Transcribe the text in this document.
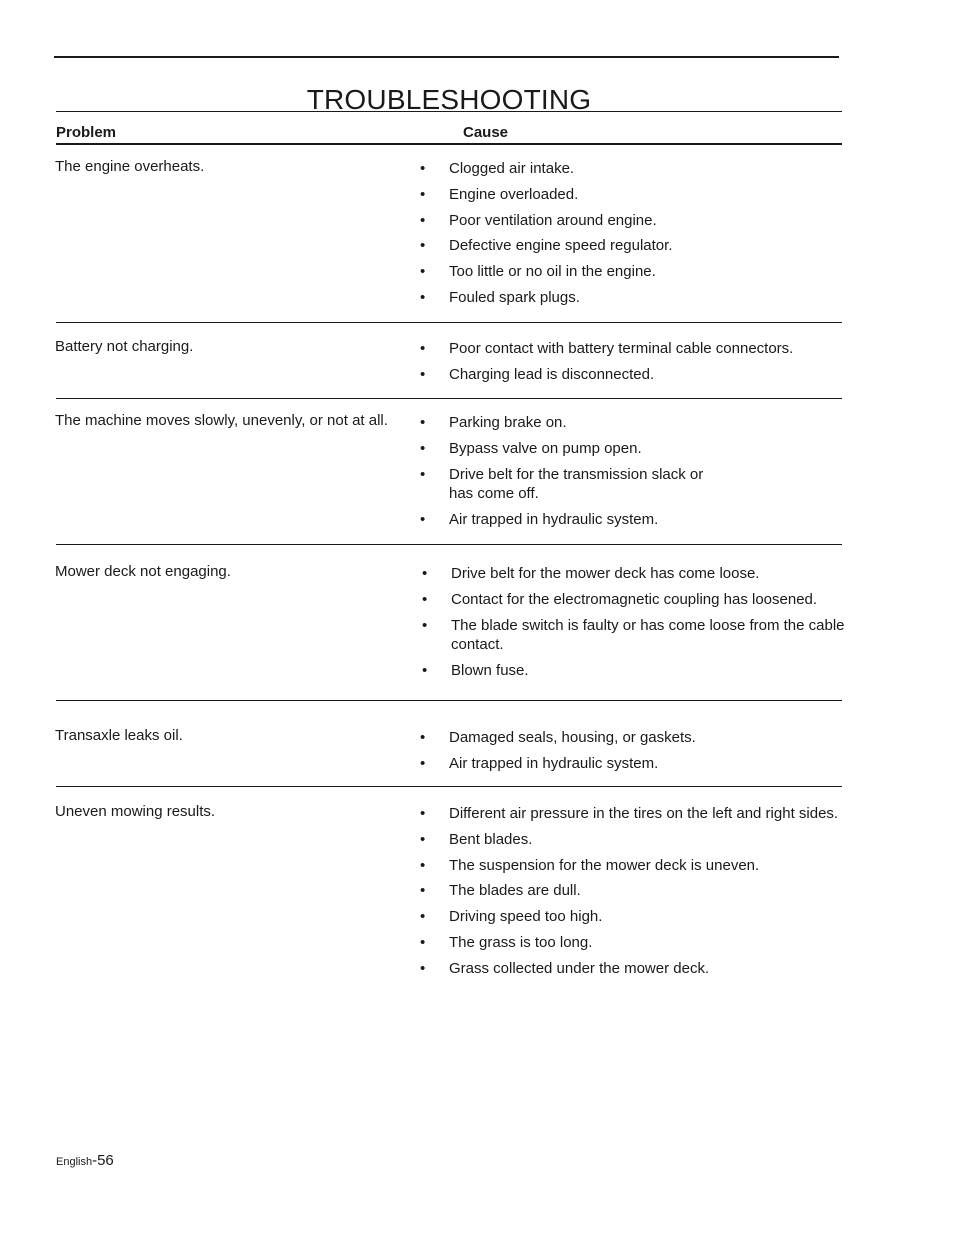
TROUBLESHOOTING
Problem	Cause
The engine overheats.	• Clogged air intake.
• Engine overloaded.
• Poor ventilation around engine.
• Defective engine speed regulator.
• Too little or no oil in the engine.
• Fouled spark plugs.
Battery not charging.	• Poor contact with battery terminal cable connectors.
• Charging lead is disconnected.
The machine moves slowly, unevenly, or not at all.	• Parking brake on.
• Bypass valve on pump open.
• Drive belt for the transmission slack or has come off.
• Air trapped in hydraulic system.
Mower deck not engaging.	• Drive belt for the mower deck has come loose.
• Contact for the electromagnetic coupling has loosened.
• The blade switch is faulty or has come loose from the cable contact.
• Blown fuse.
Transaxle leaks oil.	• Damaged seals, housing, or gaskets.
• Air trapped in hydraulic system.
Uneven mowing results.	• Different air pressure in the tires on the left and right sides.
• Bent blades.
• The suspension for the mower deck is uneven.
• The blades are dull.
• Driving speed too high.
• The grass is too long.
• Grass collected under the mower deck.
English-56
